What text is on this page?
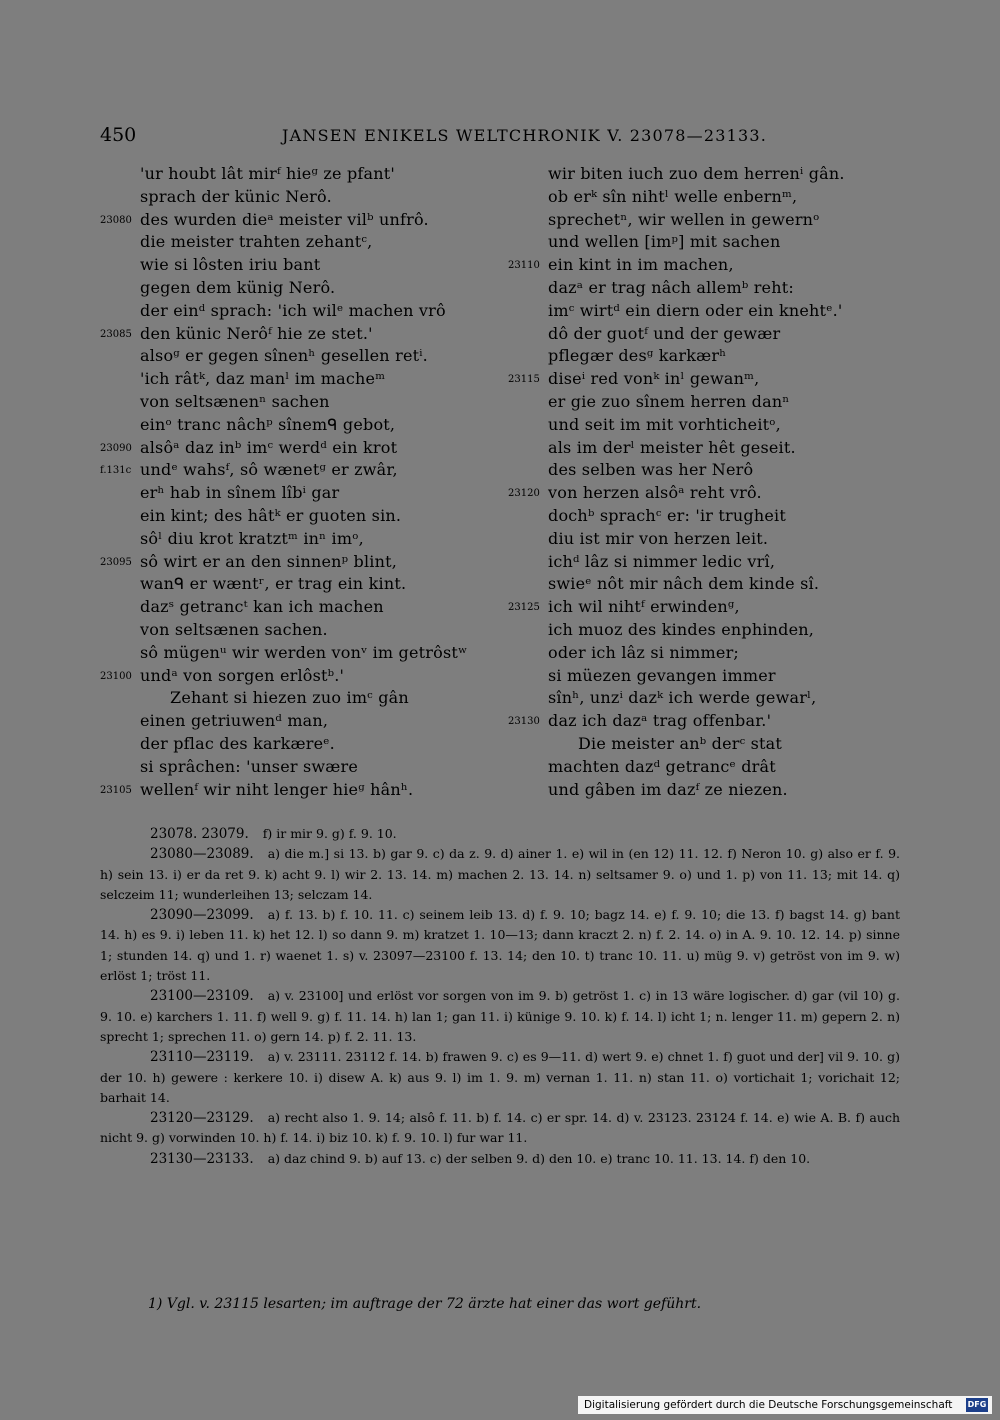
450	JANSEN ENIKELS WELTCHRONIK V. 23078—23133.
'ur houbt lât mirᶠ hieᵍ ze pfant'
sprach der künic Nerô.
23080 des wurden dieᵃ meister vilᵇ unfrô.
die meister trahten zehantᶜ,
wie si lôsten iriu bant
gegen dem künig Nerô.
der einᵈ sprach: 'ich wilᵉ machen vrô
23085 den künic Nerôᶠ hie ze stet.'
alsoᵍ er gegen sînenʰ gesellen retⁱ.
'ich râtᵏ, daz manˡ im macheᵐ
von seltsænenⁿ sachen
einᵒ tranc nâchᵖ sînemᑫ gebot,
23090 alsôᵃ daz inᵇ imᶜ werdᵈ ein krot
f.131c undᵉ wahsᶠ, sô wænetᵍ er zwâr,
erʰ hab in sînem lîbⁱ gar
ein kint; des hâtᵏ er guoten sin.
sôˡ diu krot kratztᵐ inⁿ imᵒ,
23095 sô wirt er an den sinnenᵖ blint,
wanᑫ er wæntʳ, er trag ein kint.
dazˢ getrancᵗ kan ich machen
von seltsænen sachen.
sô mügenᵘ wir werden vonᵛ im getrôstʷ
23100 undᵃ von sorgen erlôstᵇ.'
Zehant si hiezen zuo imᶜ gân
einen getriuwenᵈ man,
der pflac des karkæreᵉ.
si sprâchen: 'unser swære
23105 wellenᶠ wir niht lenger hieᵍ hânʰ.
wir biten iuch zuo dem herrenⁱ gân.
ob erᵏ sîn nihtˡ welle enbernᵐ,
sprechetⁿ, wir wellen in gewernᵒ
und wellen [imᵖ] mit sachen
23110 ein kint in im machen,
dazᵃ er trag nâch allemᵇ reht:
imᶜ wirtᵈ ein diern oder ein knehtᵉ.'
dô der guotᶠ und der gewær
pflegær desᵍ karkærʰ
23115 diseⁱ red vonᵏ inˡ gewanᵐ,
er gie zuo sînem herren danⁿ
und seit im mit vorhticheitᵒ,
als im derˡ meister hêt geseit.
des selben was her Nerô
23120 von herzen alsôᵃ reht vrô.
dochᵇ sprachᶜ er: 'ir trugheit
diu ist mir von herzen leit.
ichᵈ lâz si nimmer ledic vrî,
swieᵉ nôt mir nâch dem kinde sî.
23125 ich wil nihtᶠ erwindenᵍ,
ich muoz des kindes enphinden,
oder ich lâz si nimmer;
si müezen gevangen immer
sînʰ, unzⁱ dazᵏ ich werde gewarˡ,
23130 daz ich dazᵃ trag offenbar.'
Die meister anᵇ derᶜ stat
machten dazᵈ getrancᵉ drât
und gâben im dazᶠ ze niezen.

23078. 23079. f) ir mir 9. g) f. 9. 10.

23080—23089. a) die m.] si 13. b) gar 9. c) da z. 9. d) ainer 1. e) wil in (en 12) 11. 12. f) Neron 10. g) also er f. 9. h) sein 13. i) er da ret 9. k) acht 9. l) wir 2. 13. 14. m) machen 2. 13. 14. n) seltsamer 9. o) und 1. p) von 11. 13; mit 14. q) selczeim 11; wunderleihen 13; selczam 14.

23090—23099. a) f. 13. b) f. 10. 11. c) seinem leib 13. d) f. 9. 10; bagz 14. e) f. 9. 10; die 13. f) bagst 14. g) bant 14. h) es 9. i) leben 11. k) het 12. l) so dann 9. m) kratzet 1. 10—13; dann kraczt 2. n) f. 2. 14. o) in A. 9. 10. 12. 14. p) sinne 1; stunden 14. q) und 1. r) waenet 1. s) v. 23097—23100 f. 13. 14; den 10. t) tranc 10. 11. u) müg 9. v) getröst von im 9. w) erlöst 1; tröst 11.

23100—23109. a) v. 23100] und erlöst vor sorgen von im 9. b) getröst 1. c) in 13 wäre logischer. d) gar (vil 10) g. 9. 10. e) karchers 1. 11. f) well 9. g) f. 11. 14. h) lan 1; gan 11. i) künige 9. 10. k) f. 14. l) icht 1; n. lenger 11. m) gepern 2. n) sprecht 1; sprechen 11. o) gern 14. p) f. 2. 11. 13.

23110—23119. a) v. 23111. 23112 f. 14. b) frawen 9. c) es 9—11. d) wert 9. e) chnet 1. f) guot und der] vil 9. 10. g) der 10. h) gewere : kerkere 10. i) disew A. k) aus 9. l) im 1. 9. m) vernan 1. 11. n) stan 11. o) vortichait 1; vorichait 12; barhait 14.

23120—23129. a) recht also 1. 9. 14; alsô f. 11. b) f. 14. c) er spr. 14. d) v. 23123. 23124 f. 14. e) wie A. B. f) auch nicht 9. g) vorwinden 10. h) f. 14. i) biz 10. k) f. 9. 10. l) fur war 11.

23130—23133. a) daz chind 9. b) auf 13. c) der selben 9. d) den 10. e) tranc 10. 11. 13. 14. f) den 10.

1) Vgl. v. 23115 lesarten; im auftrage der 72 ärzte hat einer das wort geführt.
Digitalisierung gefördert durch die Deutsche Forschungsgemeinschaft DFG
